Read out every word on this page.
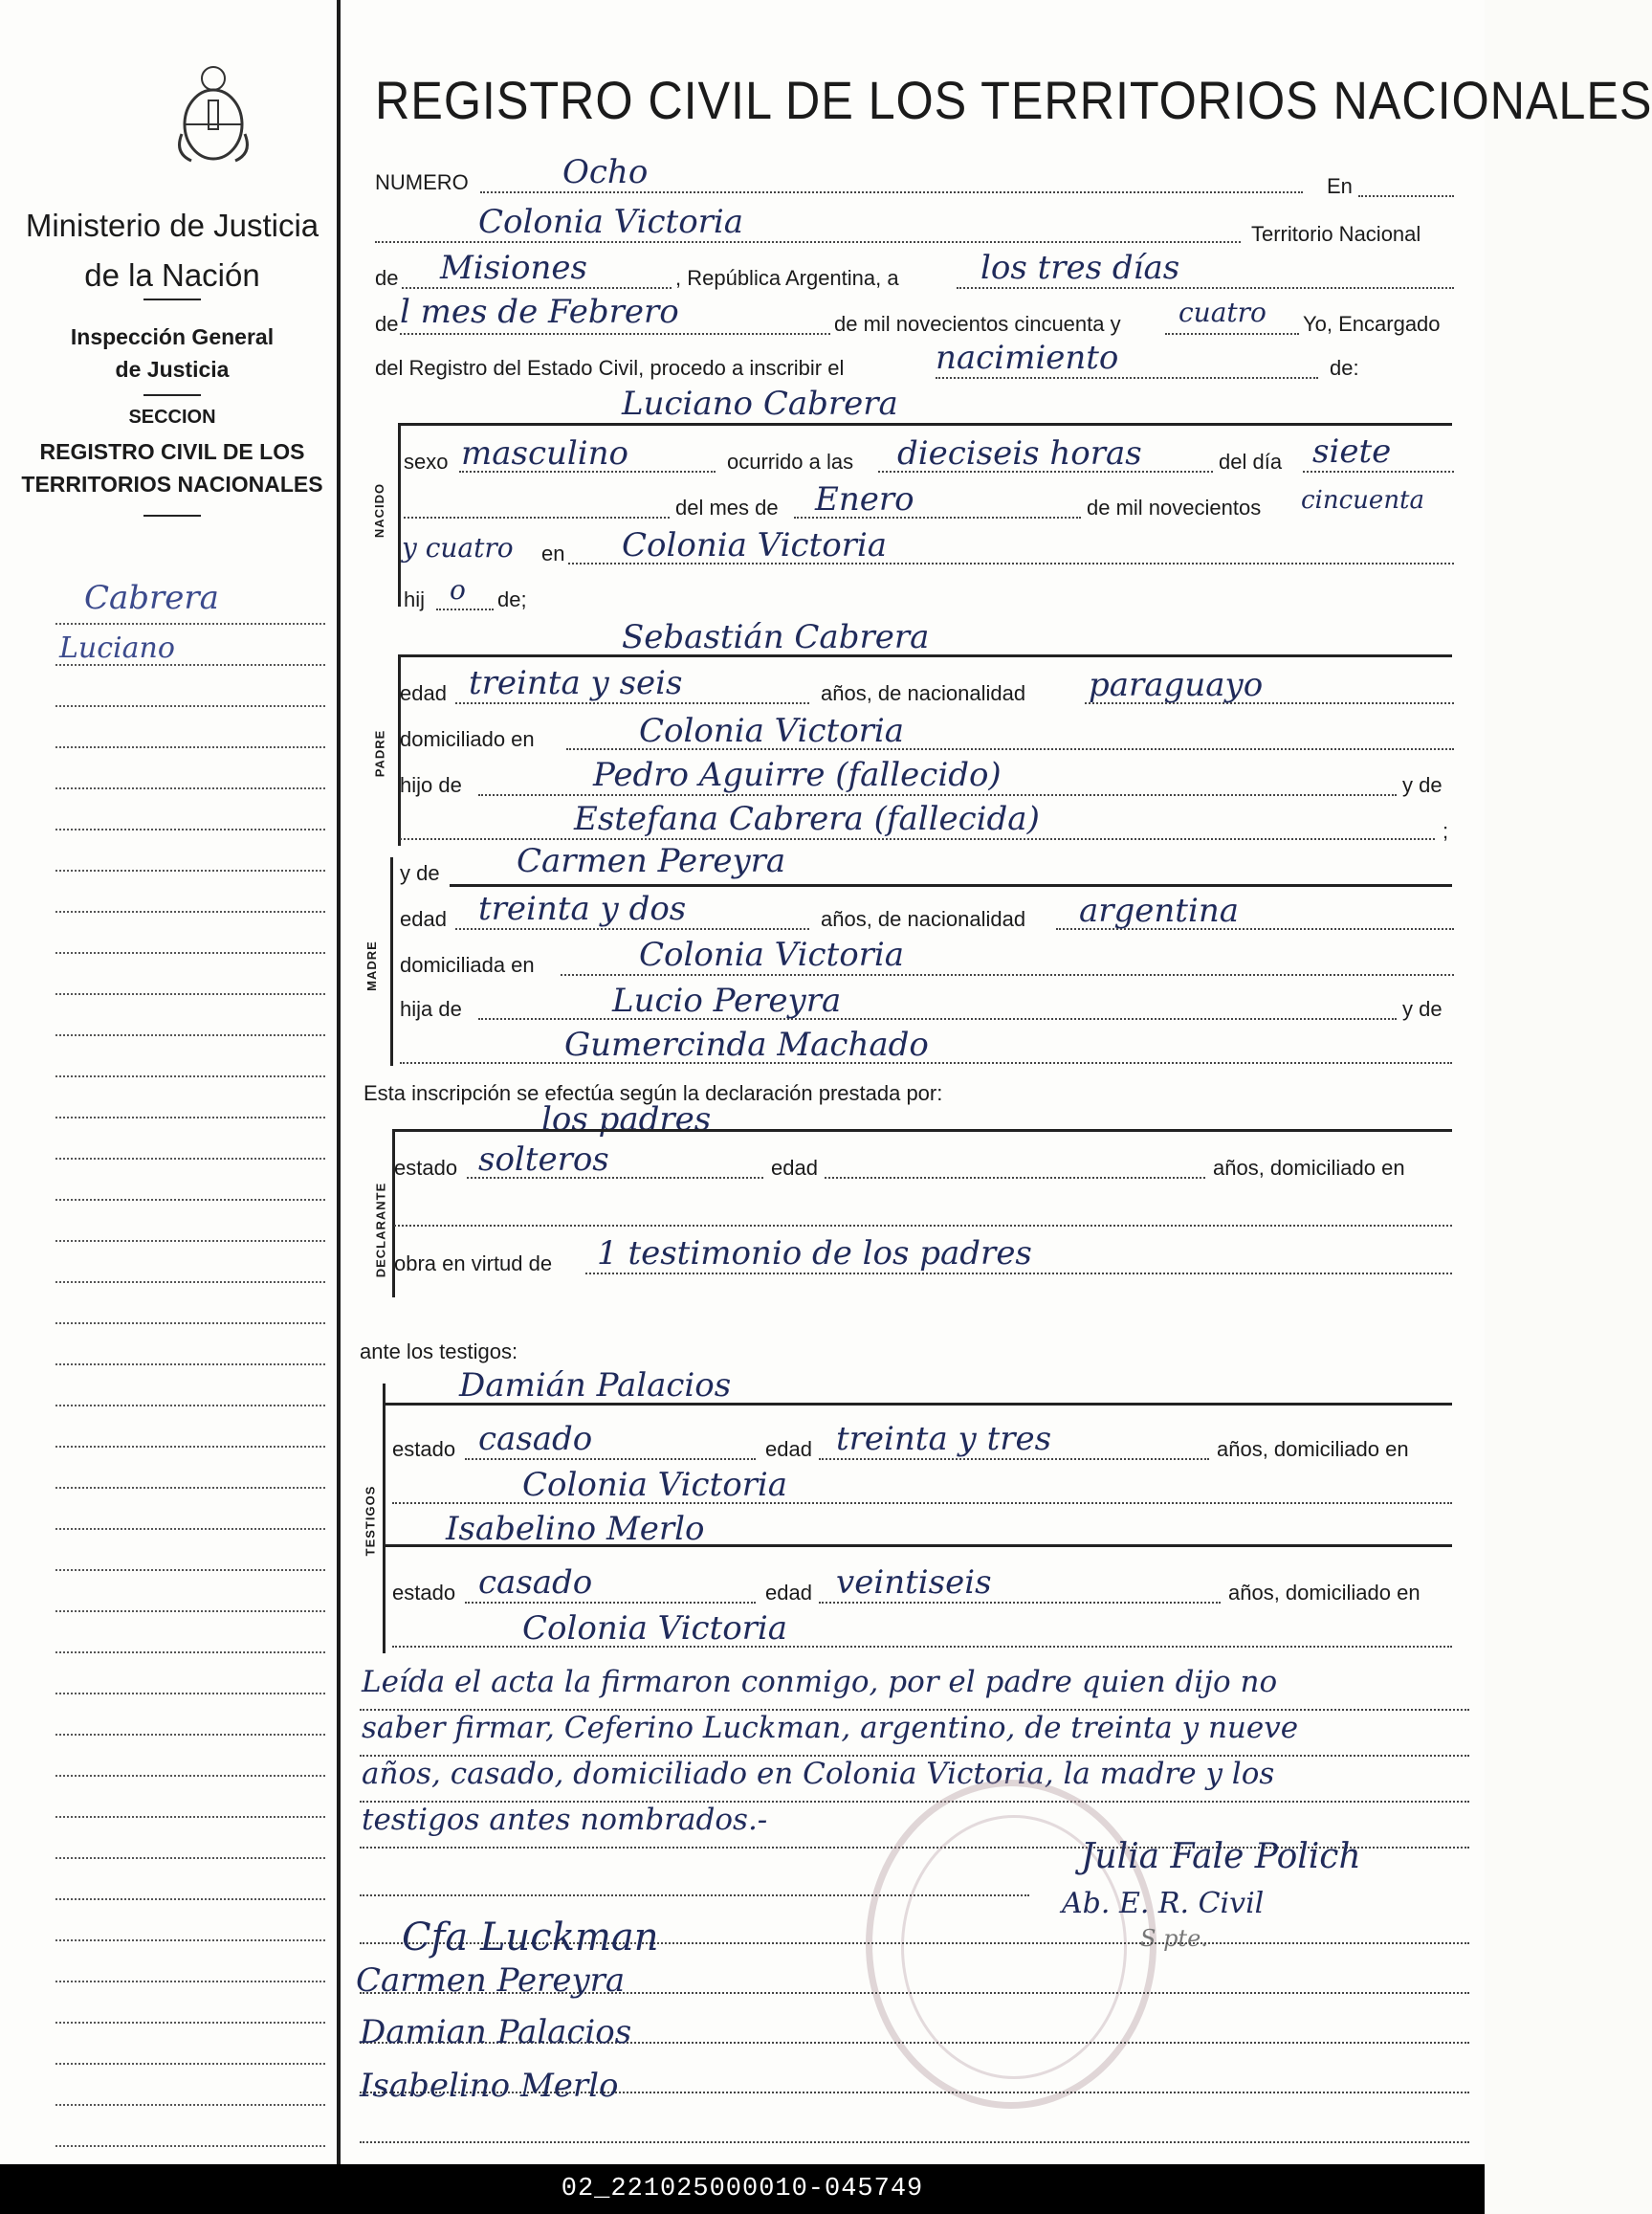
Ministerio de Justicia
de la Nación
Inspección General
de Justicia
SECCION
REGISTRO CIVIL DE LOS
TERRITORIOS NACIONALES
Cabrera
Luciano
REGISTRO CIVIL DE LOS TERRITORIOS NACIONALES
NUMERO	Ocho	En
Colonia Victoria	Territorio Nacional
de Misiones	, República Argentina, a	los tres días
de l mes de Febrero	de mil novecientos cincuenta y cuatro Yo, Encargado
del Registro del Estado Civil, procedo a inscribir el	nacimiento	de:
Luciano Cabrera
NACIDO
sexo masculino	ocurrido a las dieciseis horas	del día siete
del mes de Enero	de mil novecientos cincuenta
y cuatro en Colonia Victoria
hij o de;
Sebastián Cabrera
PADRE
edad treinta y seis	años, de nacionalidad paraguayo
domiciliado en	Colonia Victoria
hijo de	Pedro Aguirre (fallecido)	y de
Estefana Cabrera (fallecida)	;
MADRE
y de Carmen Pereyra
edad treinta y dos	años, de nacionalidad argentina
domiciliada en	Colonia Victoria
hija de	Lucio Pereyra	y de
Gumercinda Machado
Esta inscripción se efectúa según la declaración prestada por:
los padres
DECLARANTE
estado solteros	edad	años, domiciliado en
obra en virtud de 1 testimonio de los padres
ante los testigos:
TESTIGOS
Damián Palacios
estado casado	edad treinta y tres	años, domiciliado en
Colonia Victoria
Isabelino Merlo
estado casado	edad veintiseis	años, domiciliado en
Colonia Victoria
Leída el acta la firmaron conmigo, por el padre quien dijo no
saber firmar, Ceferino Luckman, argentino, de treinta y nueve
años, casado, domiciliado en Colonia Victoria, la madre y los
testigos antes nombrados.-
Julia Fale Polich
Ab. E. R. Civil
S pte.
Cfa Luckman
Carmen Pereyra
Damian Palacios
Isabelino Merlo
02_221025000010-045749
